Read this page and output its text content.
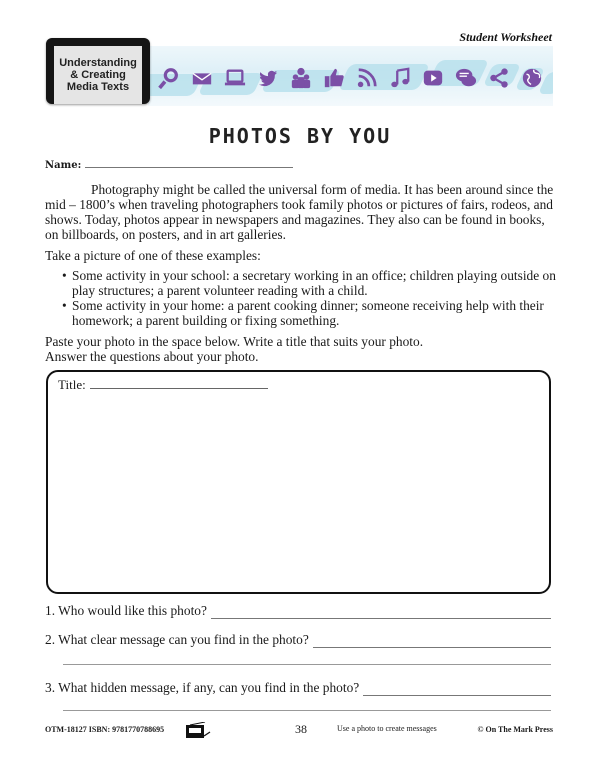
Student Worksheet
Understanding
& Creating
Media Texts
PHOTOS BY YOU
Name:
Photography might be called the universal form of media. It has been around since the mid – 1800’s when traveling photographers took family photos or pictures of fairs, rodeos, and shows. Today, photos appear in newspapers and magazines. They also can be found in books, on billboards, on posters, and in art galleries.
Take a picture of one of these examples:
• Some activity in your school: a secretary working in an office; children playing outside on play structures; a parent volunteer reading with a child.
• Some activity in your home: a parent cooking dinner; someone receiving help with their homework; a parent building or fixing something.
Paste your photo in the space below. Write a title that suits your photo.
Answer the questions about your photo.
Title:
1. Who would like this photo?
2. What clear message can you find in the photo?
3. What hidden message, if any, can you find in the photo?
OTM-18127 ISBN: 9781770788695	38	Use a photo to create messages	© On The Mark Press
